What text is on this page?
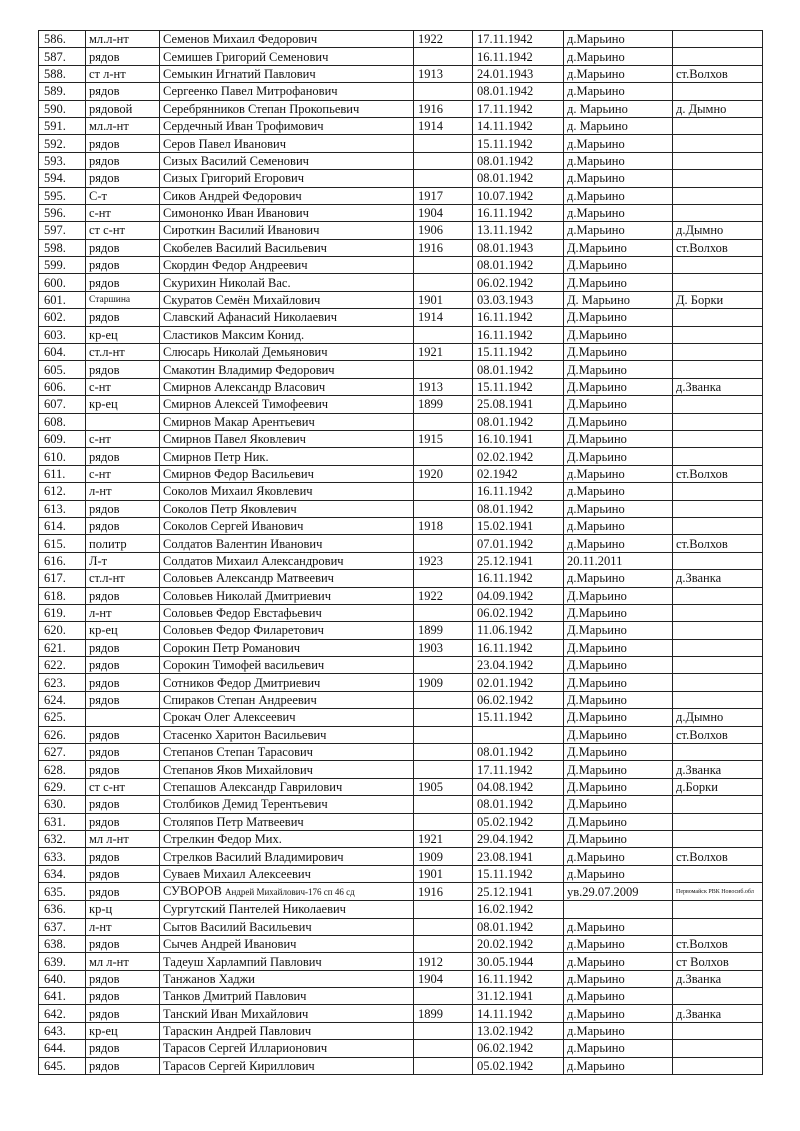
586.	мл.л-нт	Семенов Михаил Федорович	1922	17.11.1942	д.Марьино	
587.	рядов	Семишев Григорий Семенович		16.11.1942	д.Марьино	
588.	ст л-нт	Семыкин Игнатий Павлович	1913	24.01.1943	д.Марьино	ст.Волхов
589.	рядов	Сергеенко Павел Митрофанович		08.01.1942	д.Марьино	
590.	рядовой	Серебрянников Степан Прокопьевич	1916	17.11.1942	д. Марьино	д. Дымно
591.	мл.л-нт	Сердечный Иван Трофимович	1914	14.11.1942	д. Марьино	
592.	рядов	Серов Павел Иванович		15.11.1942	д.Марьино	
593.	рядов	Сизых Василий Семенович		08.01.1942	д.Марьино	
594.	рядов	Сизых Григорий Егорович		08.01.1942	д.Марьино	
595.	С-т	Сиков Андрей Федорович	1917	10.07.1942	д.Марьино	
596.	с-нт	Симононко Иван Иванович	1904	16.11.1942	д.Марьино	
597.	ст с-нт	Сироткин Василий Иванович	1906	13.11.1942	д.Марьино	д.Дымно
598.	рядов	Скобелев Василий Васильевич	1916	08.01.1943	Д.Марьино	ст.Волхов
599.	рядов	Скордин Федор Андреевич		08.01.1942	Д.Марьино	
600.	рядов	Скурихин Николай Вас.		06.02.1942	Д.Марьино	
601.	Старшина	Скуратов Семён Михайлович	1901	03.03.1943	Д. Марьино	Д. Борки
602.	рядов	Славский Афанасий Николаевич	1914	16.11.1942	Д.Марьино	
603.	кр-ец	Сластиков Максим Конид.		16.11.1942	Д.Марьино	
604.	ст.л-нт	Слюсарь Николай Демьянович	1921	15.11.1942	Д.Марьино	
605.	рядов	Смакотин Владимир Федорович		08.01.1942	Д.Марьино	
606.	с-нт	Смирнов Александр Власович	1913	15.11.1942	Д.Марьино	д.Званка
607.	кр-ец	Смирнов Алексей Тимофеевич	1899	25.08.1941	Д.Марьино	
608.		Смирнов Макар Арентьевич		08.01.1942	Д.Марьино	
609.	с-нт	Смирнов Павел Яковлевич	1915	16.10.1941	Д.Марьино	
610.	рядов	Смирнов Петр Ник.		02.02.1942	Д.Марьино	
611.	с-нт	Смирнов Федор Васильевич	1920	02.1942	д.Марьино	ст.Волхов
612.	л-нт	Соколов Михаил Яковлевич		16.11.1942	д.Марьино	
613.	рядов	Соколов Петр Яковлевич		08.01.1942	д.Марьино	
614.	рядов	Соколов Сергей Иванович	1918	15.02.1941	д.Марьино	
615.	политр	Солдатов Валентин Иванович		07.01.1942	д.Марьино	ст.Волхов
616.	Л-т	Солдатов Михаил Александрович	1923	25.12.1941	20.11.2011	
617.	ст.л-нт	Соловьев Александр Матвеевич		16.11.1942	д.Марьино	д.Званка
618.	рядов	Соловьев Николай Дмитриевич	1922	04.09.1942	Д.Марьино	
619.	л-нт	Соловьев Федор Евстафьевич		06.02.1942	Д.Марьино	
620.	кр-ец	Соловьев Федор Филаретович	1899	11.06.1942	Д.Марьино	
621.	рядов	Сорокин Петр Романович	1903	16.11.1942	Д.Марьино	
622.	рядов	Сорокин Тимофей васильевич		23.04.1942	Д.Марьино	
623.	рядов	Сотников Федор Дмитриевич	1909	02.01.1942	Д.Марьино	
624.	рядов	Спираков Степан Андреевич		06.02.1942	Д.Марьино	
625.		Срокач Олег Алексеевич		15.11.1942	Д.Марьино	д.Дымно
626.	рядов	Стасенко Харитон Васильевич			Д.Марьино	ст.Волхов
627.	рядов	Степанов Степан Тарасович		08.01.1942	Д.Марьино	
628.	рядов	Степанов Яков Михайлович		17.11.1942	Д.Марьино	д.Званка
629.	ст с-нт	Степашов Александр Гаврилович	1905	04.08.1942	Д.Марьино	д.Борки
630.	рядов	Столбиков Демид Терентьевич		08.01.1942	Д.Марьино	
631.	рядов	Столяпов Петр Матвеевич		05.02.1942	Д.Марьино	
632.	мл л-нт	Стрелкин Федор Мих.	1921	29.04.1942	Д.Марьино	
633.	рядов	Стрелков Василий Владимирович	1909	23.08.1941	д.Марьино	ст.Волхов
634.	рядов	Суваев Михаил Алексеевич	1901	15.11.1942	д.Марьино	
635.	рядов	СУВОРОВ Андрей Михайлович-176 сп 46 сд	1916	25.12.1941	ув.29.07.2009	Первомайск РВК Новосиб.обл
636.	кр-ц	Сургутский Пантелей Николаевич		16.02.1942		
637.	л-нт	Сытов Василий Васильевич		08.01.1942	д.Марьино	
638.	рядов	Сычев Андрей Иванович		20.02.1942	д.Марьино	ст.Волхов
639.	мл л-нт	Тадеуш Харлампий Павлович	1912	30.05.1944	д.Марьино	ст Волхов
640.	рядов	Танжанов Хаджи	1904	16.11.1942	д.Марьино	д.Званка
641.	рядов	Танков Дмитрий Павлович		31.12.1941	д.Марьино	
642.	рядов	Танский Иван Михайлович	1899	14.11.1942	д.Марьино	д.Званка
643.	кр-ец	Тараскин Андрей Павлович		13.02.1942	д.Марьино	
644.	рядов	Тарасов Сергей Илларионович		06.02.1942	д.Марьино	
645.	рядов	Тарасов Сергей Кириллович		05.02.1942	д.Марьино	
